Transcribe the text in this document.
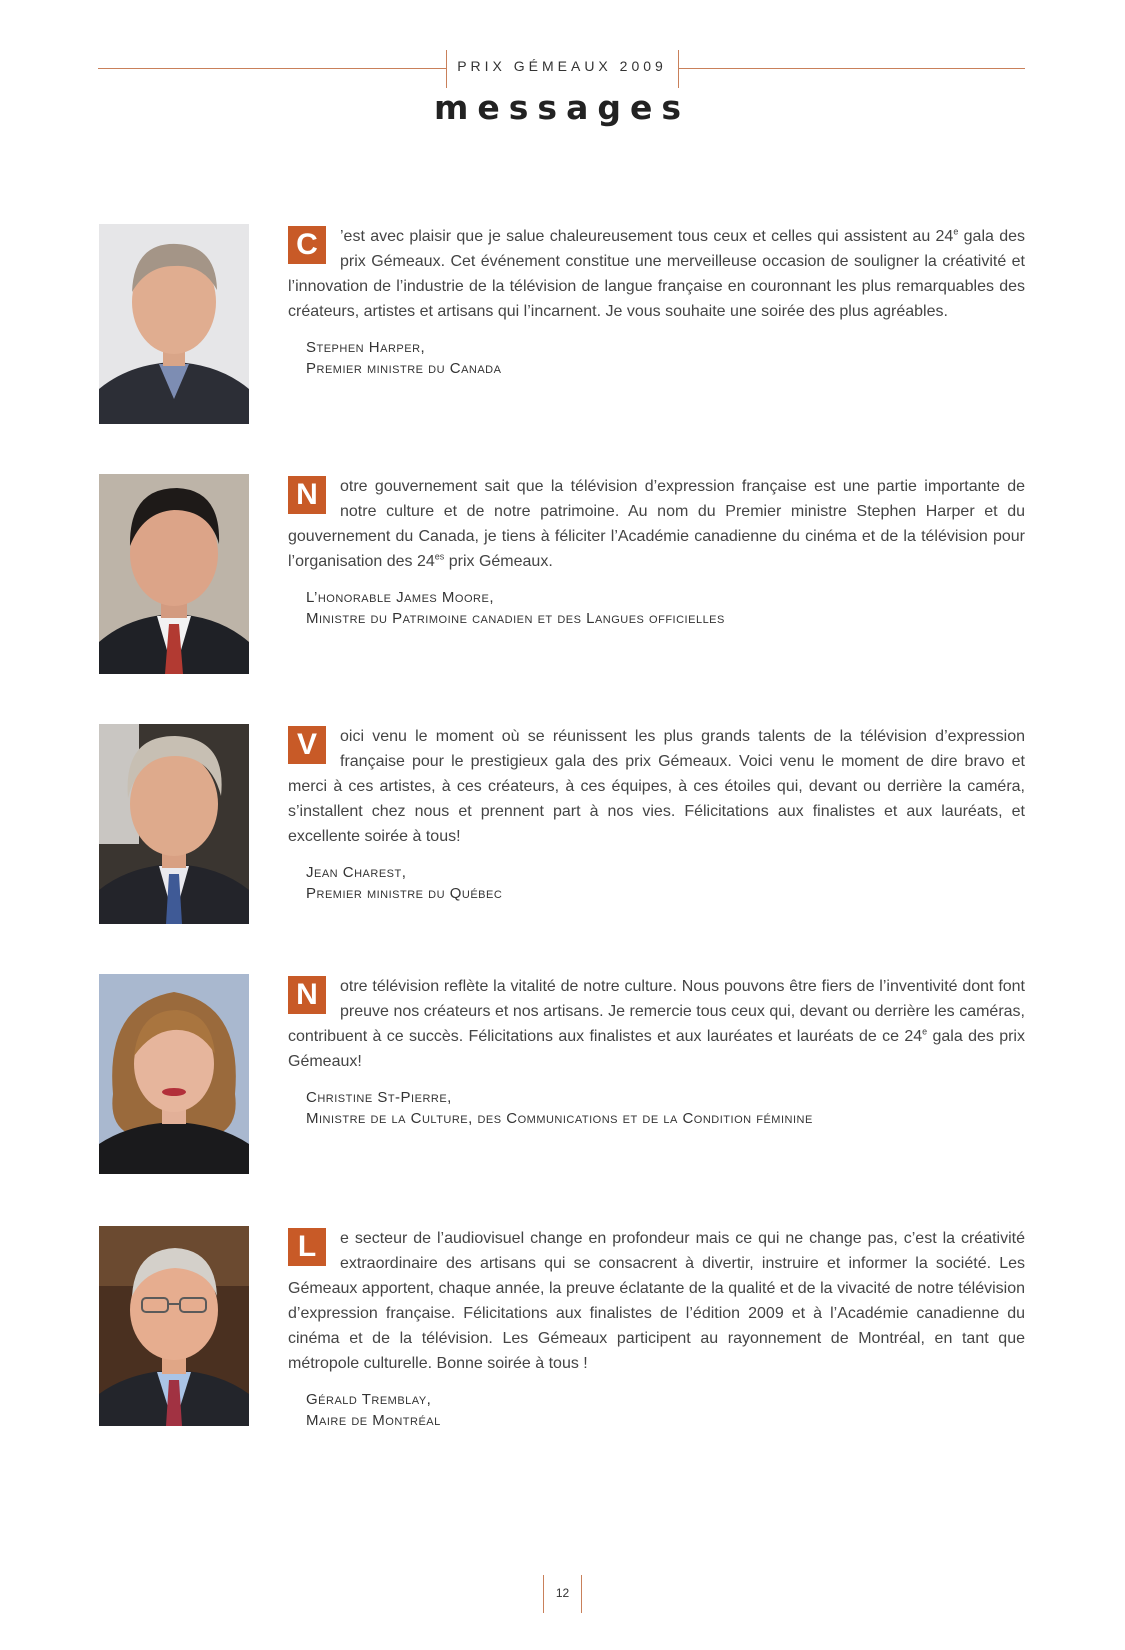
PRIX GÉMEAUX 2009
messages

C	’est avec plaisir que je salue chaleureusement tous ceux et celles qui assistent au 24e gala des prix Gémeaux. Cet événement constitue une merveilleuse occasion de souligner la créativité et l’innovation de l’industrie de la télévision de langue française en couronnant les plus remarquables des créateurs, artistes et artisans qui l’incarnent. Je vous souhaite une soirée des plus agréables.

Stephen Harper,
Premier ministre du Canada

N	otre gouvernement sait que la télévision d’expression française est une partie importante de notre culture et de notre patrimoine. Au nom du Premier ministre Stephen Harper et du gouvernement du Canada, je tiens à féliciter l’Académie canadienne du cinéma et de la télévision pour l’organisation des $24^{es}$ prix Gémeaux.

L’honorable James Moore,
Ministre du Patrimoine canadien et des Langues officielles

V	oici venu le moment où se réunissent les plus grands talents de la télévision d’expression française pour le prestigieux gala des prix Gémeaux. Voici venu le moment de dire bravo et merci à ces artistes, à ces créateurs, à ces équipes, à ces étoiles qui, devant ou derrière la caméra, s’installent chez nous et prennent part à nos vies. Félicitations aux finalistes et aux lauréats, et excellente soirée à tous!

Jean Charest,
Premier ministre du Québec

N	otre télévision reflète la vitalité de notre culture. Nous pouvons être fiers de l’inventivité dont font preuve nos créateurs et nos artisans. Je remercie tous ceux qui, devant ou derrière les caméras, contribuent à ce succès. Félicitations aux finalistes et aux lauréates et lauréats de ce 24e gala des prix Gémeaux!

Christine St-Pierre,
Ministre de la Culture, des Communications et de la Condition féminine

L	e secteur de l’audiovisuel change en profondeur mais ce qui ne change pas, c’est la créativité extraordinaire des artisans qui se consacrent à divertir, instruire et informer la société. Les Gémeaux apportent, chaque année, la preuve éclatante de la qualité et de la vivacité de notre télévision d’expression française. Félicitations aux finalistes de l’édition 2009 et à l’Académie canadienne du cinéma et de la télévision. Les Gémeaux participent au rayonnement de Montréal, en tant que métropole culturelle. Bonne soirée à tous !

Gérald Tremblay,
Maire de Montréal
12
